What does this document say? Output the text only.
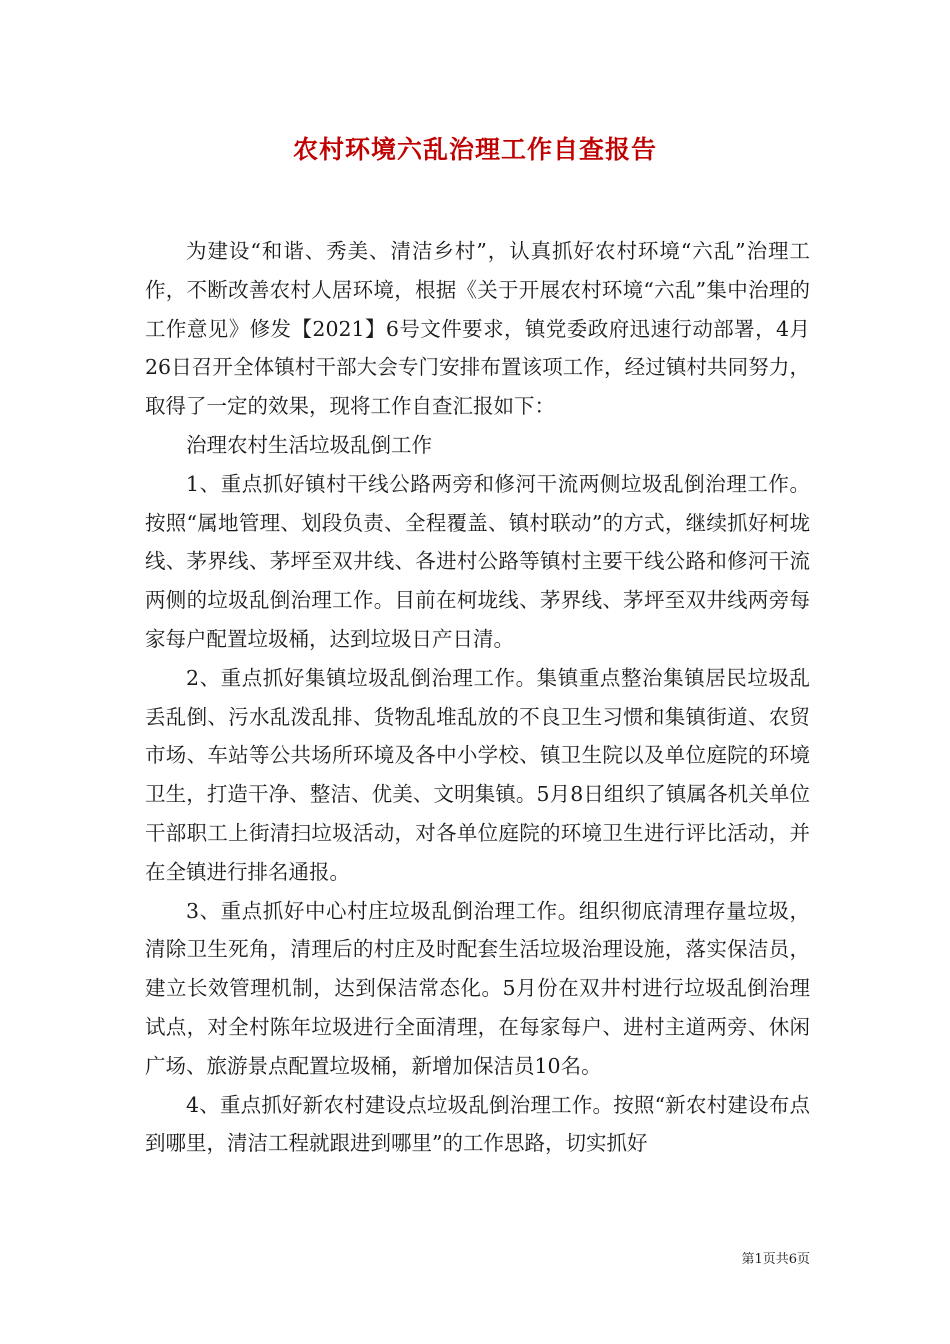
农村环境六乱治理工作自查报告

为建设“和谐、秀美、清洁乡村”，认真抓好农村环境“六乱”治理工作，不断改善农村人居环境，根据《关于开展农村环境“六乱”集中治理的工作意见》修发【2021】6号文件要求，镇党委政府迅速行动部署，4月26日召开全体镇村干部大会专门安排布置该项工作，经过镇村共同努力，取得了一定的效果，现将工作自查汇报如下：

治理农村生活垃圾乱倒工作

1、重点抓好镇村干线公路两旁和修河干流两侧垃圾乱倒治理工作。按照“属地管理、划段负责、全程覆盖、镇村联动”的方式，继续抓好柯垅线、茅界线、茅坪至双井线、各进村公路等镇村主要干线公路和修河干流两侧的垃圾乱倒治理工作。目前在柯垅线、茅界线、茅坪至双井线两旁每家每户配置垃圾桶，达到垃圾日产日清。

2、重点抓好集镇垃圾乱倒治理工作。集镇重点整治集镇居民垃圾乱丢乱倒、污水乱泼乱排、货物乱堆乱放的不良卫生习惯和集镇街道、农贸市场、车站等公共场所环境及各中小学校、镇卫生院以及单位庭院的环境卫生，打造干净、整洁、优美、文明集镇。5月8日组织了镇属各机关单位干部职工上街清扫垃圾活动，对各单位庭院的环境卫生进行评比活动，并在全镇进行排名通报。

3、重点抓好中心村庄垃圾乱倒治理工作。组织彻底清理存量垃圾，清除卫生死角，清理后的村庄及时配套生活垃圾治理设施，落实保洁员，建立长效管理机制，达到保洁常态化。5月份在双井村进行垃圾乱倒治理试点，对全村陈年垃圾进行全面清理，在每家每户、进村主道两旁、休闲广场、旅游景点配置垃圾桶，新增加保洁员10名。

4、重点抓好新农村建设点垃圾乱倒治理工作。按照“新农村建设布点到哪里，清洁工程就跟进到哪里”的工作思路，切实抓好

第1页共6页
